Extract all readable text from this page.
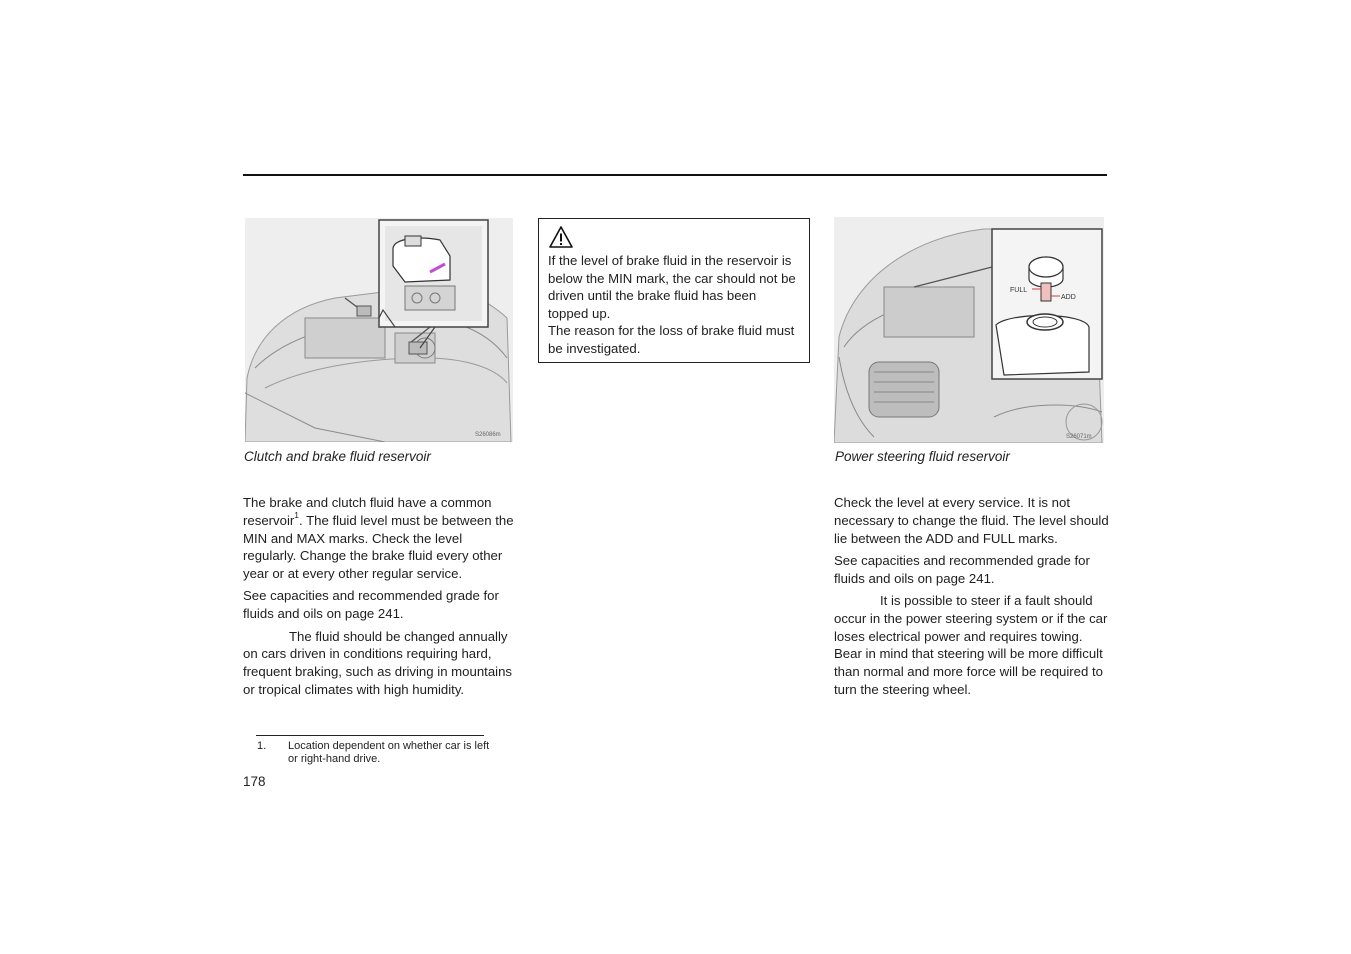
S26086m
Clutch and brake fluid reservoir

The brake and clutch fluid have a common reservoir$^1$. The fluid level must be between the MIN and MAX marks. Check the level regularly. Change the brake fluid every other year or at every other regular service.

See capacities and recommended grade for fluids and oils on page 241.

The fluid should be changed annually on cars driven in conditions requiring hard, frequent braking, such as driving in mountains or tropical climates with high humidity.

If the level of brake fluid in the reservoir is below the MIN mark, the car should not be driven until the brake fluid has been topped up.

The reason for the loss of brake fluid must be investigated.

FULL
ADD
S26071m
Power steering fluid reservoir

Check the level at every service. It is not necessary to change the fluid. The level should lie between the ADD and FULL marks.

See capacities and recommended grade for fluids and oils on page 241.

It is possible to steer if a fault should occur in the power steering system or if the car loses electrical power and requires towing. Bear in mind that steering will be more difficult than normal and more force will be required to turn the steering wheel.

1. Location dependent on whether car is left or right-hand drive.
178
